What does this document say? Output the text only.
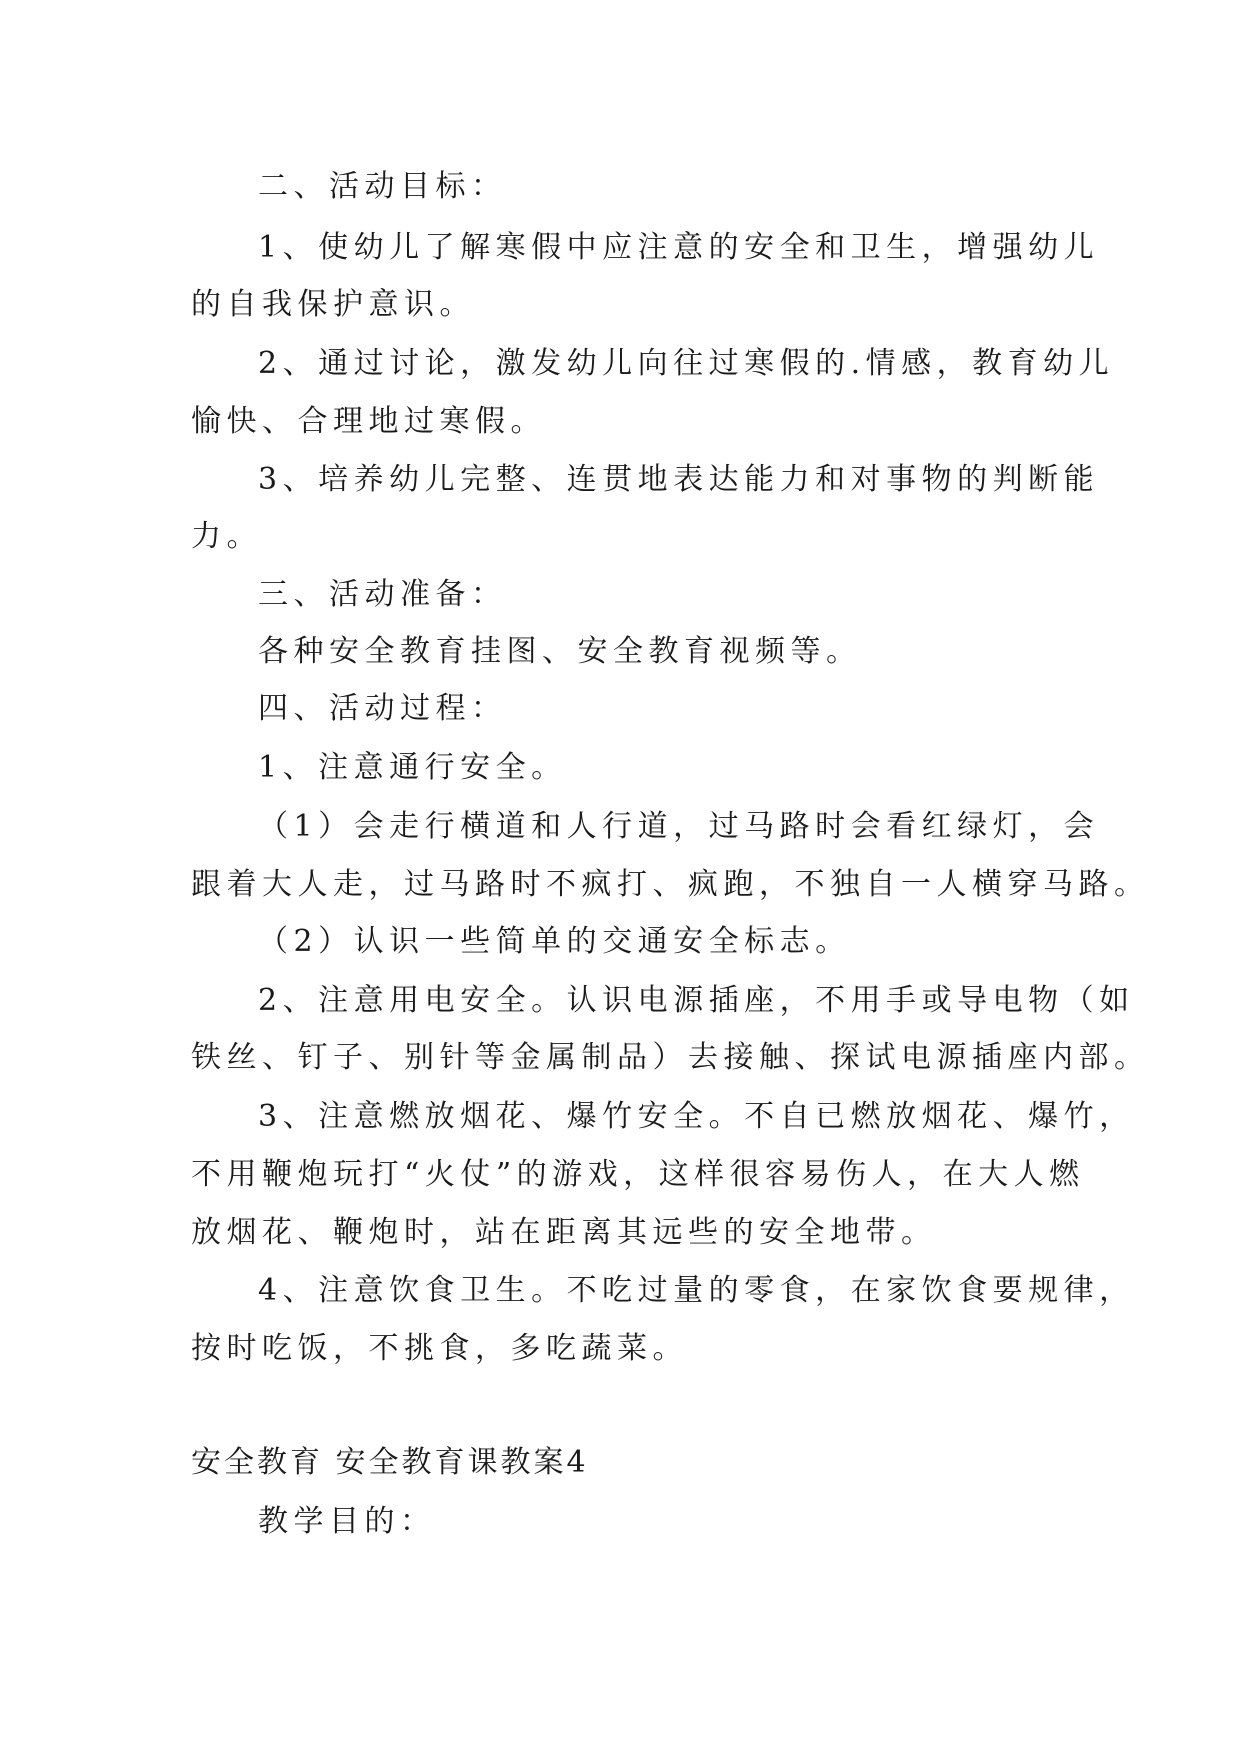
二、活动目标：
1、使幼儿了解寒假中应注意的安全和卫生，增强幼儿
的自我保护意识。
2、通过讨论，激发幼儿向往过寒假的.情感，教育幼儿
愉快、合理地过寒假。
3、培养幼儿完整、连贯地表达能力和对事物的判断能
力。
三、活动准备：
各种安全教育挂图、安全教育视频等。
四、活动过程：
1、注意通行安全。
（1）会走行横道和人行道，过马路时会看红绿灯，会
跟着大人走，过马路时不疯打、疯跑，不独自一人横穿马路。
（2）认识一些简单的交通安全标志。
2、注意用电安全。认识电源插座，不用手或导电物（如
铁丝、钉子、别针等金属制品）去接触、探试电源插座内部。
3、注意燃放烟花、爆竹安全。不自已燃放烟花、爆竹，
不用鞭炮玩打“火仗”的游戏，这样很容易伤人，在大人燃
放烟花、鞭炮时，站在距离其远些的安全地带。
4、注意饮食卫生。不吃过量的零食，在家饮食要规律，
按时吃饭，不挑食，多吃蔬菜。
安全教育 安全教育课教案4
教学目的：
